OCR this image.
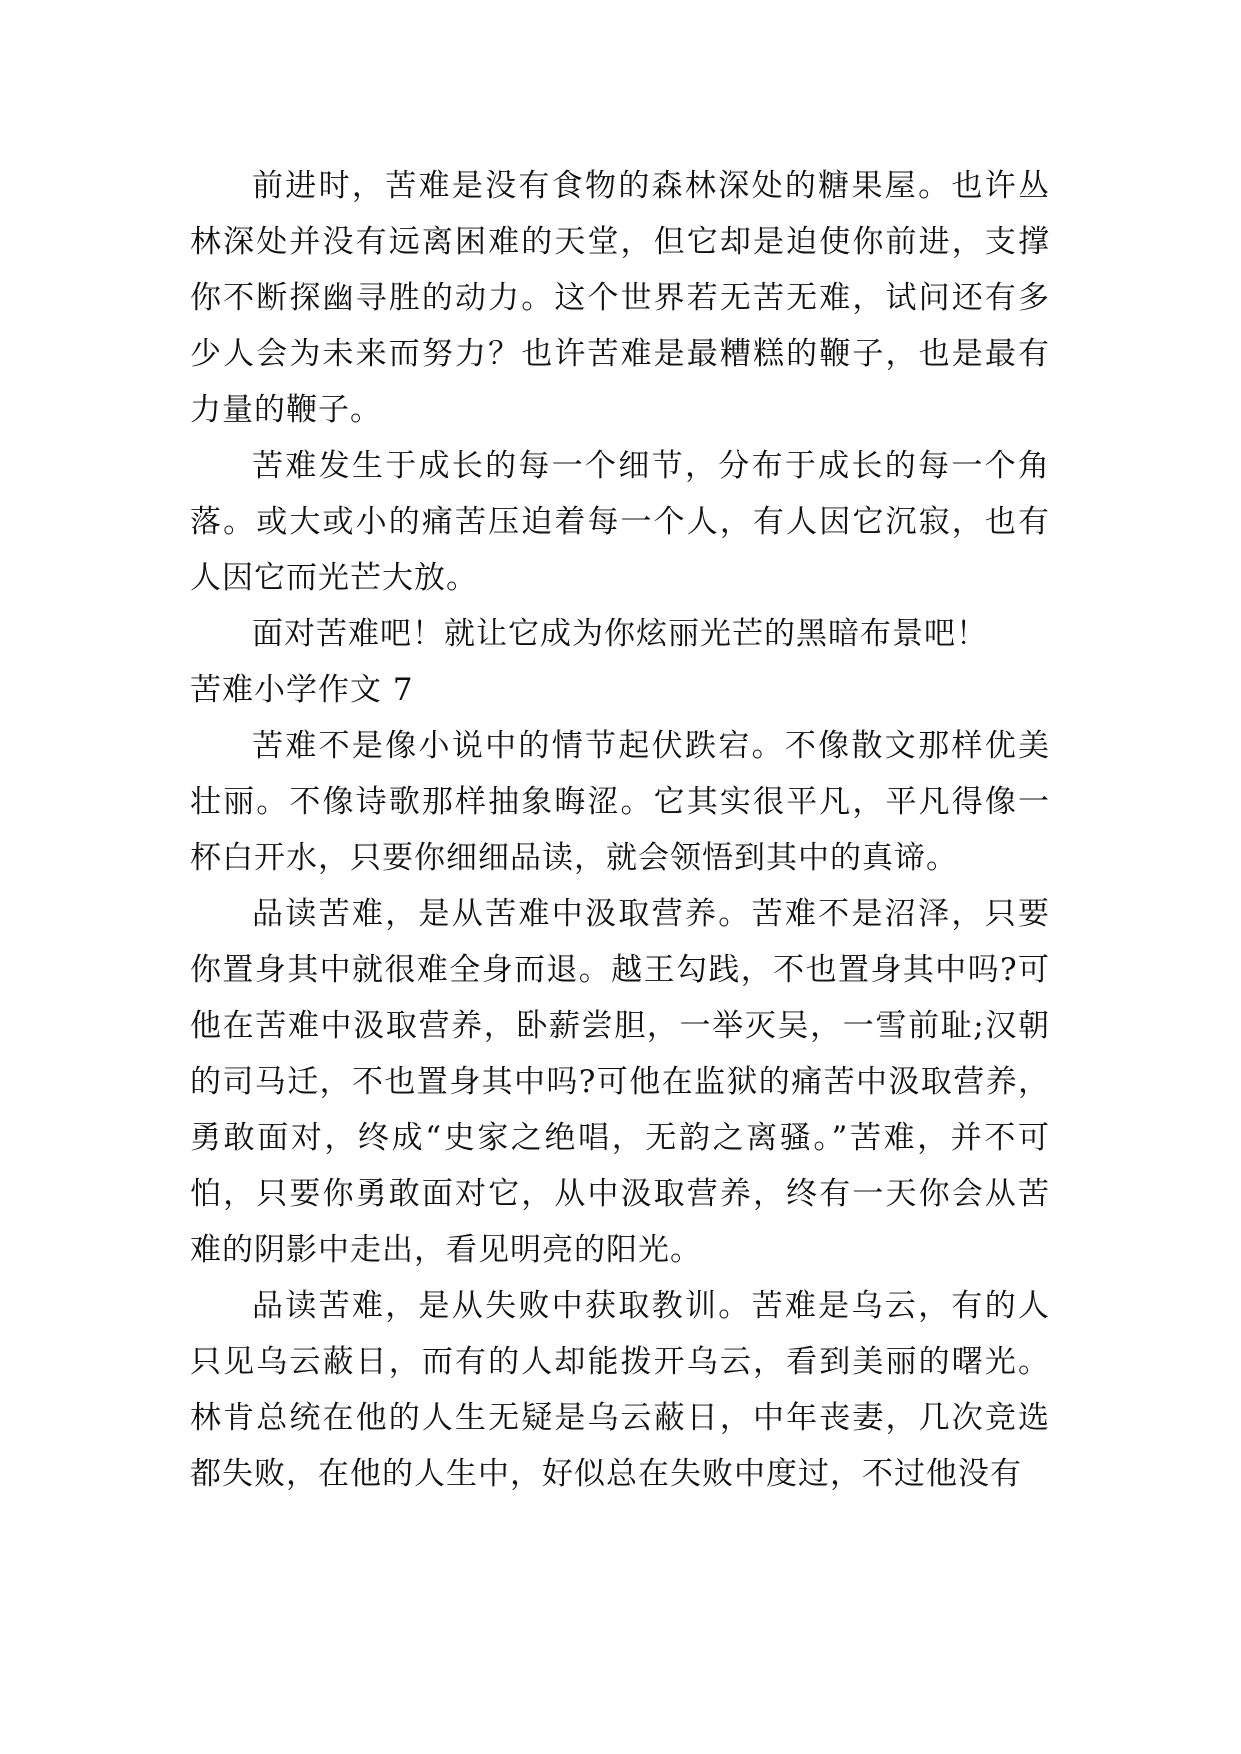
前进时，苦难是没有食物的森林深处的糖果屋。也许丛林深处并没有远离困难的天堂，但它却是迫使你前进，支撑你不断探幽寻胜的动力。这个世界若无苦无难，试问还有多少人会为未来而努力？也许苦难是最糟糕的鞭子，也是最有力量的鞭子。

苦难发生于成长的每一个细节，分布于成长的每一个角落。或大或小的痛苦压迫着每一个人，有人因它沉寂，也有人因它而光芒大放。

面对苦难吧！就让它成为你炫丽光芒的黑暗布景吧！

苦难小学作文 7

苦难不是像小说中的情节起伏跌宕。不像散文那样优美壮丽。不像诗歌那样抽象晦涩。它其实很平凡，平凡得像一杯白开水，只要你细细品读，就会领悟到其中的真谛。

品读苦难，是从苦难中汲取营养。苦难不是沼泽，只要你置身其中就很难全身而退。越王勾践，不也置身其中吗?可他在苦难中汲取营养，卧薪尝胆，一举灭吴，一雪前耻;汉朝的司马迁，不也置身其中吗?可他在监狱的痛苦中汲取营养，勇敢面对，终成“史家之绝唱，无韵之离骚。”苦难，并不可怕，只要你勇敢面对它，从中汲取营养，终有一天你会从苦难的阴影中走出，看见明亮的阳光。

品读苦难，是从失败中获取教训。苦难是乌云，有的人只见乌云蔽日，而有的人却能拨开乌云，看到美丽的曙光。林肯总统在他的人生无疑是乌云蔽日，中年丧妻，几次竞选都失败，在他的人生中，好似总在失败中度过，不过他没有
